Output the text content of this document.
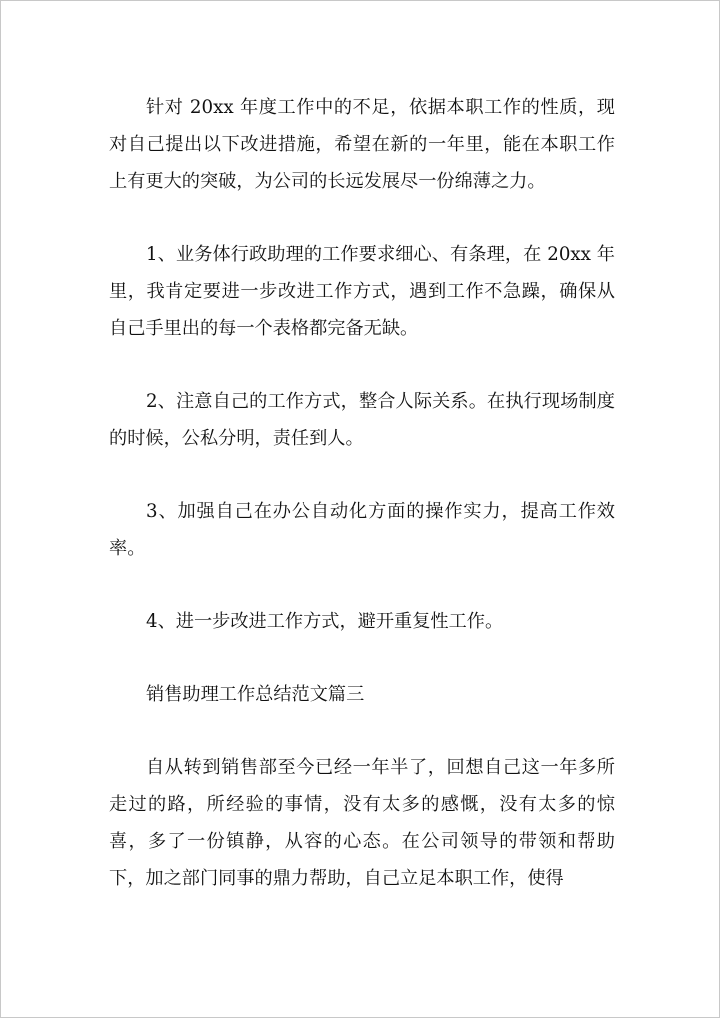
针对 20xx 年度工作中的不足，依据本职工作的性质，现对自己提出以下改进措施，希望在新的一年里，能在本职工作上有更大的突破，为公司的长远发展尽一份绵薄之力。

1、业务体行政助理的工作要求细心、有条理，在 20xx 年里，我肯定要进一步改进工作方式，遇到工作不急躁，确保从自己手里出的每一个表格都完备无缺。

2、注意自己的工作方式，整合人际关系。在执行现场制度的时候，公私分明，责任到人。

3、加强自己在办公自动化方面的操作实力，提高工作效率。

4、进一步改进工作方式，避开重复性工作。

销售助理工作总结范文篇三

自从转到销售部至今已经一年半了，回想自己这一年多所走过的路，所经验的事情，没有太多的感慨，没有太多的惊喜，多了一份镇静，从容的心态。在公司领导的带领和帮助下，加之部门同事的鼎力帮助，自己立足本职工作，使得
